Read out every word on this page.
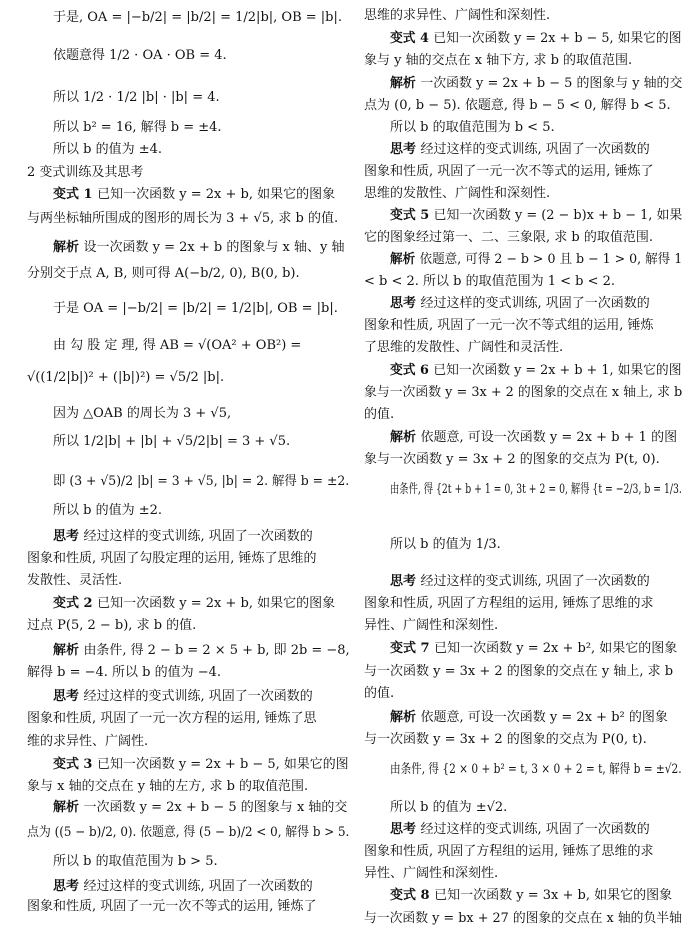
于是, OA = |−b/2| = |b/2| = 1/2|b|, OB = |b|.
依题意得 1/2 · OA · OB = 4.
所以 1/2 · 1/2 |b| · |b| = 4.
所以 b² = 16, 解得 b = ±4.
所以 b 的值为 ±4.
2 变式训练及其思考
变式 1 已知一次函数 y = 2x + b, 如果它的图象
与两坐标轴所围成的图形的周长为 3 + √5, 求 b 的值.
解析 设一次函数 y = 2x + b 的图象与 x 轴、y 轴
分别交于点 A, B, 则可得 A(−b/2, 0), B(0, b).
于是 OA = |−b/2| = |b/2| = 1/2|b|, OB = |b|.
由 勾 股 定 理, 得 AB = √(OA² + OB²) =
√((1/2|b|)² + (|b|)²) = √5/2 |b|.
因为 △OAB 的周长为 3 + √5,
所以 1/2|b| + |b| + √5/2|b| = 3 + √5.
即 (3 + √5)/2 |b| = 3 + √5, |b| = 2. 解得 b = ±2.
所以 b 的值为 ±2.
思考 经过这样的变式训练, 巩固了一次函数的
图象和性质, 巩固了勾股定理的运用, 锤炼了思维的
发散性、灵活性.
变式 2 已知一次函数 y = 2x + b, 如果它的图象
过点 P(5, 2 − b), 求 b 的值.
解析 由条件, 得 2 − b = 2 × 5 + b, 即 2b = −8,
解得 b = −4. 所以 b 的值为 −4.
思考 经过这样的变式训练, 巩固了一次函数的
图象和性质, 巩固了一元一次方程的运用, 锤炼了思
维的求异性、广阔性.
变式 3 已知一次函数 y = 2x + b − 5, 如果它的图
象与 x 轴的交点在 y 轴的左方, 求 b 的取值范围.
解析 一次函数 y = 2x + b − 5 的图象与 x 轴的交
点为 ((5 − b)/2, 0). 依题意, 得 (5 − b)/2 < 0, 解得 b > 5.
所以 b 的取值范围为 b > 5.
思考 经过这样的变式训练, 巩固了一次函数的
图象和性质, 巩固了一元一次不等式的运用, 锤炼了
思维的求异性、广阔性和深刻性.
变式 4 已知一次函数 y = 2x + b − 5, 如果它的图
象与 y 轴的交点在 x 轴下方, 求 b 的取值范围.
解析 一次函数 y = 2x + b − 5 的图象与 y 轴的交
点为 (0, b − 5). 依题意, 得 b − 5 < 0, 解得 b < 5.
所以 b 的取值范围为 b < 5.
思考 经过这样的变式训练, 巩固了一次函数的
图象和性质, 巩固了一元一次不等式的运用, 锤炼了
思维的发散性、广阔性和深刻性.
变式 5 已知一次函数 y = (2 − b)x + b − 1, 如果
它的图象经过第一、二、三象限, 求 b 的取值范围.
解析 依题意, 可得 2 − b > 0 且 b − 1 > 0, 解得 1
< b < 2. 所以 b 的取值范围为 1 < b < 2.
思考 经过这样的变式训练, 巩固了一次函数的
图象和性质, 巩固了一元一次不等式组的运用, 锤炼
了思维的发散性、广阔性和灵活性.
变式 6 已知一次函数 y = 2x + b + 1, 如果它的图
象与一次函数 y = 3x + 2 的图象的交点在 x 轴上, 求 b
的值.
解析 依题意, 可设一次函数 y = 2x + b + 1 的图
象与一次函数 y = 3x + 2 的图象的交点为 P(t, 0).
由条件, 得 {2t + b + 1 = 0, 3t + 2 = 0, 解得 {t = −2/3, b = 1/3.
所以 b 的值为 1/3.
思考 经过这样的变式训练, 巩固了一次函数的
图象和性质, 巩固了方程组的运用, 锤炼了思维的求
异性、广阔性和深刻性.
变式 7 已知一次函数 y = 2x + b², 如果它的图象
与一次函数 y = 3x + 2 的图象的交点在 y 轴上, 求 b
的值.
解析 依题意, 可设一次函数 y = 2x + b² 的图象
与一次函数 y = 3x + 2 的图象的交点为 P(0, t).
由条件, 得 {2 × 0 + b² = t, 3 × 0 + 2 = t, 解得 b = ±√2.
所以 b 的值为 ±√2.
思考 经过这样的变式训练, 巩固了一次函数的
图象和性质, 巩固了方程组的运用, 锤炼了思维的求
异性、广阔性和深刻性.
变式 8 已知一次函数 y = 3x + b, 如果它的图象
与一次函数 y = bx + 27 的图象的交点在 x 轴的负半轴
